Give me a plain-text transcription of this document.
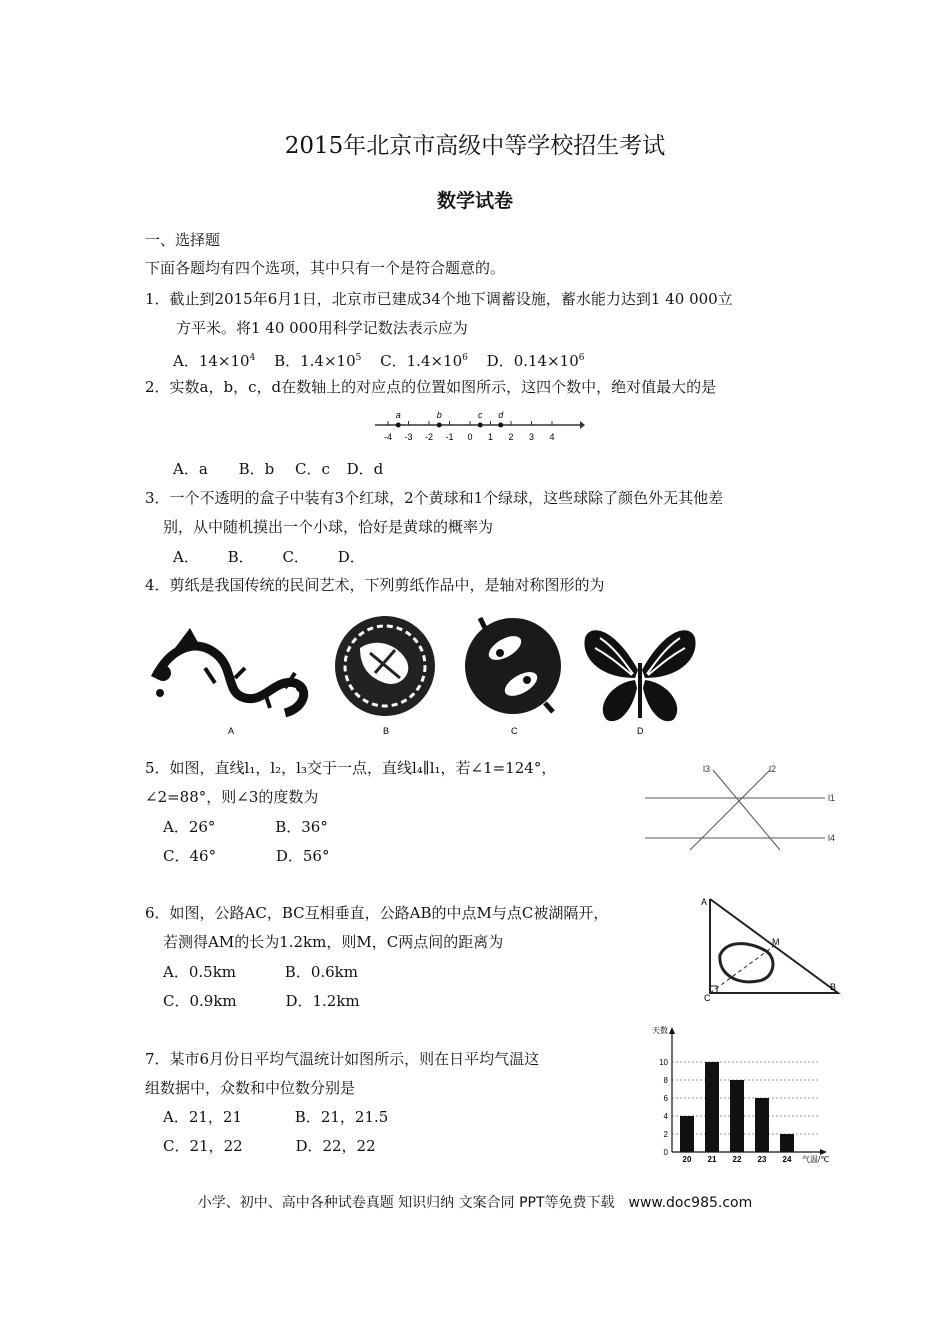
2015年北京市高级中等学校招生考试
数学试卷
一、选择题
下面各题均有四个选项，其中只有一个是符合题意的。
1．截止到2015年6月1日，北京市已建成34个地下调蓄设施，蓄水能力达到1 40 000立
方平米。将1 40 000用科学记数法表示应为
A．$14\times 10^4$ B．$1.4\times 10^5$ C．$1.4\times 10^6$ D．$0.14\times 10^6$
2．实数a，b，c，d在数轴上的对应点的位置如图所示，这四个数中，绝对值最大的是
-4 -3 -2 -1 0 1 2 3 4
a	b	c d
A．a B．b C．c D．d
3．一个不透明的盒子中装有3个红球，2个黄球和1个绿球，这些球除了颜色外无其他差
别，从中随机摸出一个小球，恰好是黄球的概率为
A． B． C． D．
4．剪纸是我国传统的民间艺术，下列剪纸作品中，是轴对称图形的为
A	B	C	D
5．如图，直线l₁，l₂，l₃交于一点，直线l₄∥l₁，若∠1=124°，
∠2=88°，则∠3的度数为
A．26°	B．36°
C．46°	D．56°
l3	l2
l1
l4
6．如图，公路AC，BC互相垂直，公路AB的中点M与点C被湖隔开，
若测得AM的长为1.2km，则M，C两点间的距离为
A．0.5km	B．0.6km
C．0.9km	D．1.2km
A
M
C
B
7．某市6月份日平均气温统计如图所示，则在日平均气温这
组数据中，众数和中位数分别是
A．21，21	B．21，21.5
C．21，22	D．22，22
天数
气温/℃
0
2
4
6
8
10
20 21 22 23 24
小学、初中、高中各种试卷真题 知识归纳 文案合同 PPT等免费下载　www.doc985.com
